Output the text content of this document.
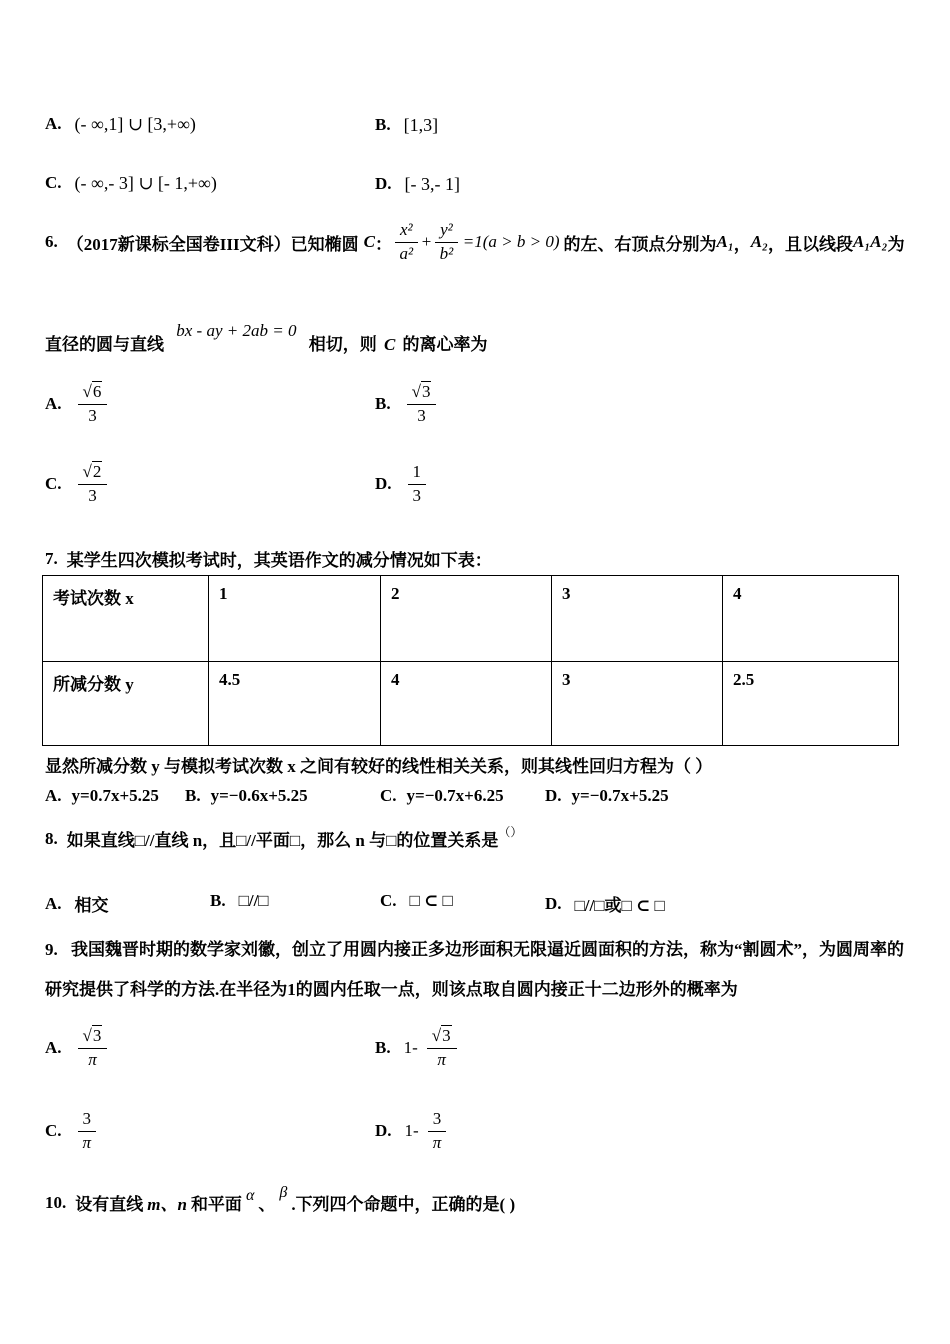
A. (- ∞,1] ∪ [3,+∞)	B. [1,3]
C. (- ∞,- 3] ∪ [- 1,+∞)	D. [- 3,- 1]
6. （2017新课标全国卷III文科）已知椭圆 C ： $\frac{\text{x²}}{\text{a²}} + \frac{\text{y²}}{\text{b²}} =1(a > b > 0)$ 的左、右顶点分别为 A₁ ， A₂ ，且以线段 A₁A₂ 为
直径的圆与直线 bx - ay + 2ab = 0 相切，则 C 的离心率为
A. $\frac{√6}{3}$	B. $\frac{√3}{3}$
C. $\frac{√2}{3}$	D. $\frac{1}{3}$
7. 某学生四次模拟考试时，其英语作文的减分情况如下表：
考试次数 x	1	2	3	4
所减分数 y	4.5	4	3	2.5
显然所减分数 y 与模拟考试次数 x 之间有较好的线性相关关系，则其线性回归方程为（ ）
A. y=0.7x+5.25 B. y=−0.6x+5.25	C. y=−0.7x+6.25 D. y=−0.7x+5.25
8. 如果直线□//直线 n，且□//平面□，那么 n 与□的位置关系是 （）
A. 相交	B. □//□	C. □ ⊂ □	D. □//□或□ ⊂ □
9. 我国魏晋时期的数学家刘徽，创立了用圆内接正多边形面积无限逼近圆面积的方法，称为“割圆术”，为圆周率的研究提供了科学的方法.在半径为1的圆内任取一点，则该点取自圆内接正十二边形外的概率为
A. $\frac{√3}{\pi}$	B. $1- \frac{√3}{\pi}$
C. $\frac{3}{\pi}$	D. $1- \frac{3}{\pi}$
10. 设有直线 m、n 和平面 α 、
β
.下列四个命题中，正确的是( )
